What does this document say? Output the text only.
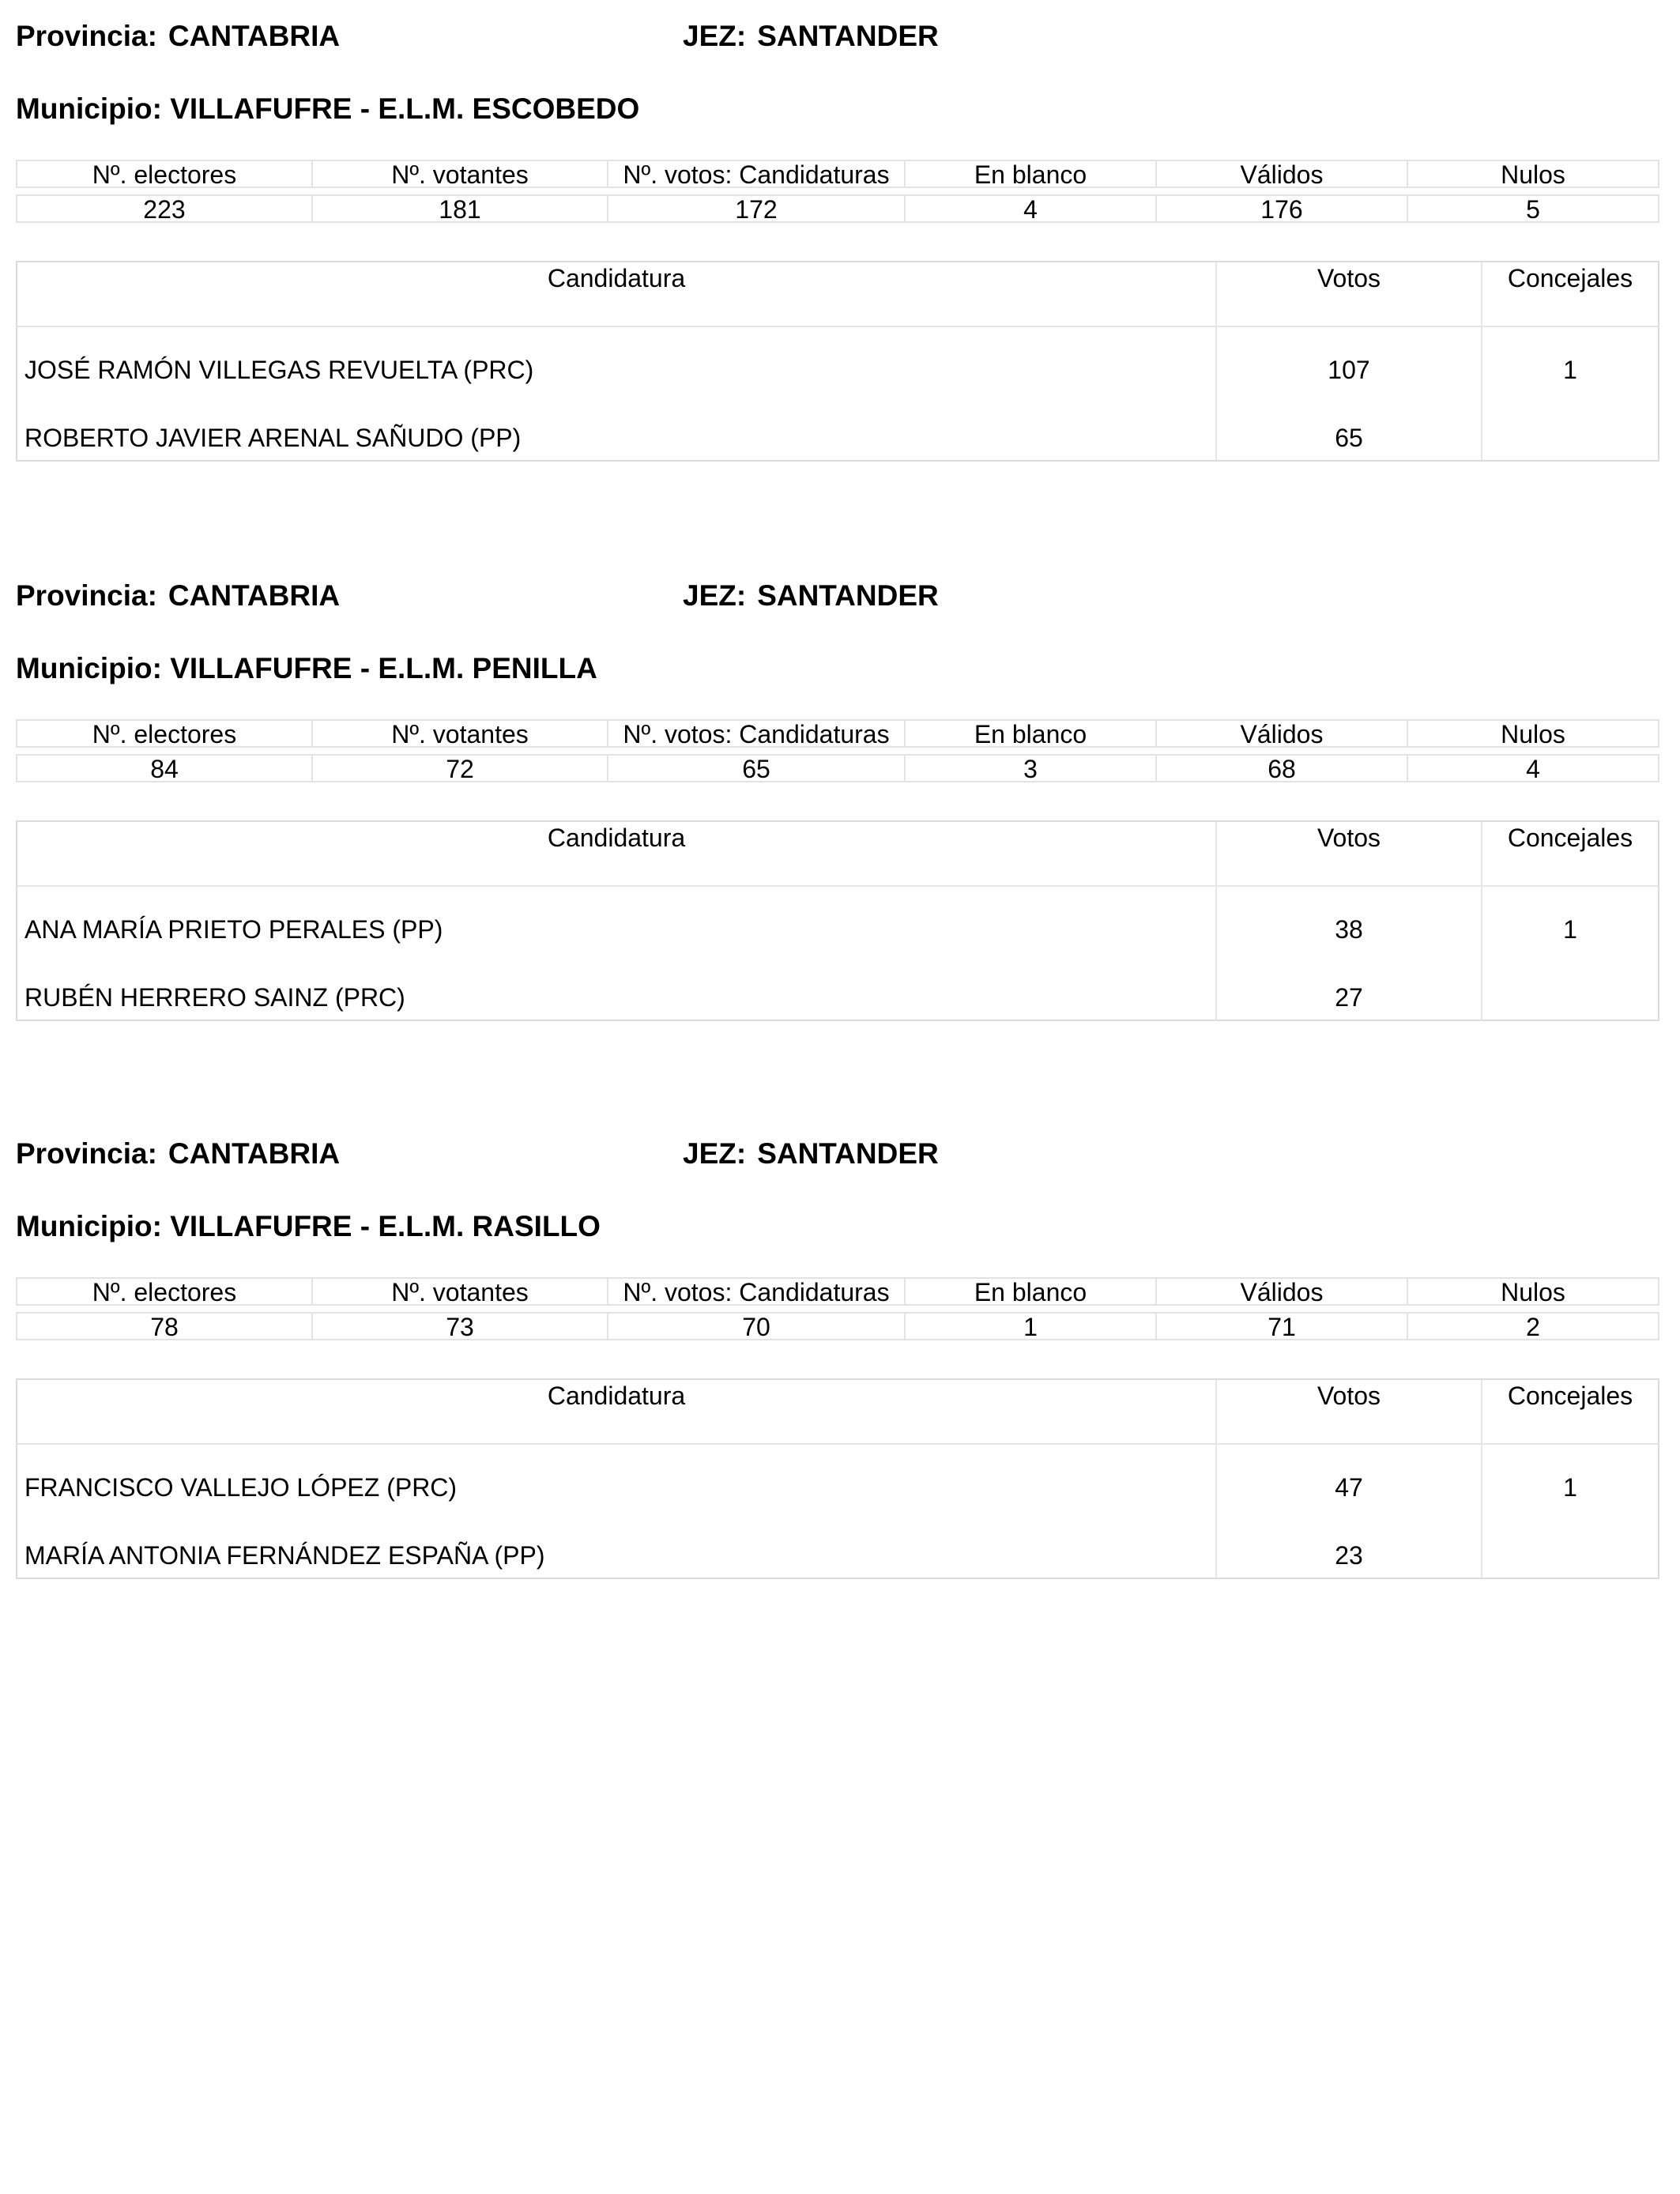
Provincia: CANTABRIA	JEZ: SANTANDER
Municipio: VILLAFUFRE - E.L.M. ESCOBEDO
Nº. electores	Nº. votantes	Nº. votos: Candidaturas	En blanco	Válidos	Nulos
223	181	172	4	176	5
Candidatura	Votos	Concejales
JOSÉ RAMÓN VILLEGAS REVUELTA (PRC)	107	1
ROBERTO JAVIER ARENAL SAÑUDO (PP)	65
Provincia: CANTABRIA	JEZ: SANTANDER
Municipio: VILLAFUFRE - E.L.M. PENILLA
Nº. electores	Nº. votantes	Nº. votos: Candidaturas	En blanco	Válidos	Nulos
84	72	65	3	68	4
Candidatura	Votos	Concejales
ANA MARÍA PRIETO PERALES (PP)	38	1
RUBÉN HERRERO SAINZ (PRC)	27
Provincia: CANTABRIA	JEZ: SANTANDER
Municipio: VILLAFUFRE - E.L.M. RASILLO
Nº. electores	Nº. votantes	Nº. votos: Candidaturas	En blanco	Válidos	Nulos
78	73	70	1	71	2
Candidatura	Votos	Concejales
FRANCISCO VALLEJO LÓPEZ (PRC)	47	1
MARÍA ANTONIA FERNÁNDEZ ESPAÑA (PP)	23
